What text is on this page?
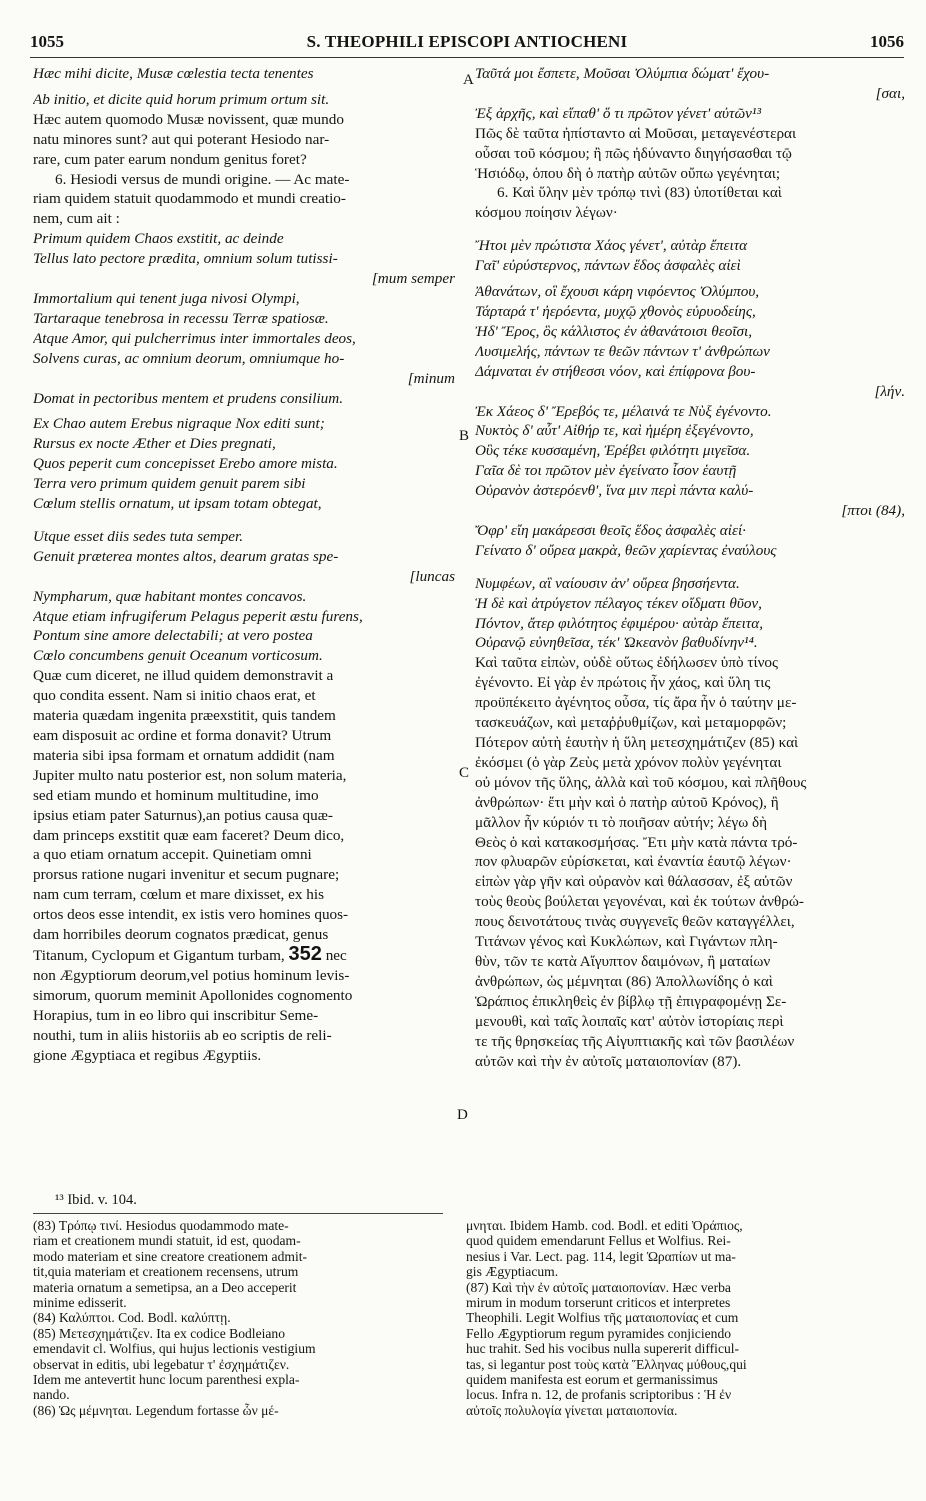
1055	S. THEOPHILI EPISCOPI ANTIOCHENI	1056
A
B
C
D
Hæc mihi dicite, Musæ cœlestia tecta tenentes
Ab initio, et dicite quid horum primum ortum sit.
Hæc autem quomodo Musæ novissent, quæ mundo
natu minores sunt? aut qui poterant Hesiodo nar-
rare, cum pater earum nondum genitus foret?
6. Hesiodi versus de mundi origine. — Ac mate-
riam quidem statuit quodammodo et mundi creatio-
nem, cum ait :
Primum quidem Chaos exstitit, ac deinde
Tellus lato pectore prædita, omnium solum tutissi-
[mum semper
Immortalium qui tenent juga nivosi Olympi,
Tartaraque tenebrosa in recessu Terræ spatiosæ.
Atque Amor, qui pulcherrimus inter immortales deos,
Solvens curas, ac omnium deorum, omniumque ho-
[minum
Domat in pectoribus mentem et prudens consilium.
Ex Chao autem Erebus nigraque Nox editi sunt;
Rursus ex nocte Æther et Dies pregnati,
Quos peperit cum concepisset Erebo amore mista.
Terra vero primum quidem genuit parem sibi
Cœlum stellis ornatum, ut ipsam totam obtegat,
Utque esset diis sedes tuta semper.
Genuit præterea montes altos, dearum gratas spe-
[luncas
Nympharum, quæ habitant montes concavos.
Atque etiam infrugiferum Pelagus peperit æstu furens,
Pontum sine amore delectabili; at vero postea
Cœlo concumbens genuit Oceanum vorticosum.
Quæ cum diceret, ne illud quidem demonstravit a
quo condita essent. Nam si initio chaos erat, et
materia quædam ingenita præexstitit, quis tandem
eam disposuit ac ordine et forma donavit? Utrum
materia sibi ipsa formam et ornatum addidit (nam
Jupiter multo natu posterior est, non solum materia,
sed etiam mundo et hominum multitudine, imo
ipsius etiam pater Saturnus),an potius causa quæ-
dam princeps exstitit quæ eam faceret? Deum dico,
a quo etiam ornatum accepit. Quinetiam omni
prorsus ratione nugari invenitur et secum pugnare;
nam cum terram, cœlum et mare dixisset, ex his
ortos deos esse intendit, ex istis vero homines quos-
dam horribiles deorum cognatos prædicat, genus
Titanum, Cyclopum et Gigantum turbam, 352 nec
non Ægyptiorum deorum,vel potius hominum levis-
simorum, quorum meminit Apollonides cognomento
Horapius, tum in eo libro qui inscribitur Seme-
nouthi, tum in aliis historiis ab eo scriptis de reli-
gione Ægyptiaca et regibus Ægyptiis.
Ταῦτά μοι ἔσπετε, Μοῦσαι Ὀλύμπια δώματ' ἔχου-
[σαι,
Ἐξ ἀρχῆς, καὶ εἴπαθ' ὅ τι πρῶτον γένετ' αὐτῶν¹³
Πῶς δὲ ταῦτα ἠπίσταντο αἱ Μοῦσαι, μεταγενέστεραι
οὖσαι τοῦ κόσμου; ἢ πῶς ἠδύναντο διηγήσασθαι τῷ
Ἡσιόδῳ, ὁπου δὴ ὁ πατὴρ αὐτῶν οὔπω γεγένηται;
6. Καὶ ὕλην μὲν τρόπῳ τινὶ (83) ὑποτίθεται καὶ
κόσμου ποίησιν λέγων·
Ἤτοι μὲν πρώτιστα Χάος γένετ', αὐτὰρ ἔπειτα
Γαῖ' εὐρύστερνος, πάντων ἕδος ἀσφαλὲς αἰεὶ
Ἀθανάτων, οἳ ἔχουσι κάρη νιφόεντος Ὀλύμπου,
Τάρταρά τ' ἠερόεντα, μυχῷ χθονὸς εὐρυοδείης,
Ἠδ' Ἔρος, ὃς κάλλιστος ἐν ἀθανάτοισι θεοῖσι,
Λυσιμελής, πάντων τε θεῶν πάντων τ' ἀνθρώπων
Δάμναται ἐν στήθεσσι νόον, καὶ ἐπίφρονα βου-
[λήν.
Ἐκ Χάεος δ' Ἔρεβός τε, μέλαινά τε Νὺξ ἐγένοντο.
Νυκτὸς δ' αὖτ' Αἰθήρ τε, καὶ ἡμέρη ἐξεγένοντο,
Οὓς τέκε κυσσαμένη, Ἐρέβει φιλότητι μιγεῖσα.
Γαῖα δὲ τοι πρῶτον μὲν ἐγείνατο ἶσον ἑαυτῇ
Οὐρανὸν ἀστερόενθ', ἵνα μιν περὶ πάντα καλύ-
[πτοι (84),
Ὄφρ' εἴη μακάρεσσι θεοῖς ἕδος ἀσφαλὲς αἰεί·
Γείνατο δ' οὔρεα μακρὰ, θεῶν χαρίεντας ἐναύλους
Νυμφέων, αἳ ναίουσιν ἀν' οὔρεα βησσήεντα.
Ἡ δὲ καὶ ἀτρύγετον πέλαγος τέκεν οἴδματι θῦον,
Πόντον, ἄτερ φιλότητος ἐφιμέρου· αὐτὰρ ἔπειτα,
Οὐρανῷ εὐνηθεῖσα, τέκ' Ὠκεανὸν βαθυδίνην¹⁴.
Καὶ ταῦτα εἰπὼν, οὐδὲ οὕτως ἐδήλωσεν ὑπὸ τίνος
ἐγένοντο. Εἰ γὰρ ἐν πρώτοις ἦν χάος, καὶ ὕλη τις
προϋπέκειτο ἀγένητος οὖσα, τίς ἄρα ἦν ὁ ταύτην με-
τασκευάζων, καὶ μεταῤῥυθμίζων, καὶ μεταμορφῶν;
Πότερον αὐτὴ ἑαυτὴν ἡ ὕλη μετεσχημάτιζεν (85) καὶ
ἐκόσμει (ὁ γὰρ Ζεὺς μετὰ χρόνον πολὺν γεγένηται
οὐ μόνον τῆς ὕλης, ἀλλὰ καὶ τοῦ κόσμου, καὶ πλῆθους
ἀνθρώπων· ἔτι μὴν καὶ ὁ πατὴρ αὐτοῦ Κρόνος), ἢ
μᾶλλον ἦν κύριόν τι τὸ ποιῆσαν αὐτήν; λέγω δὴ
Θεὸς ὁ καὶ κατακοσμήσας. Ἔτι μὴν κατὰ πάντα τρό-
πον φλυαρῶν εὑρίσκεται, καὶ ἐναντία ἑαυτῷ λέγων·
εἰπὼν γὰρ γῆν καὶ οὐρανὸν καὶ θάλασσαν, ἐξ αὐτῶν
τοὺς θεοὺς βούλεται γεγονέναι, καὶ ἐκ τούτων ἀνθρώ-
πους δεινοτάτους τινὰς συγγενεῖς θεῶν καταγγέλλει,
Τιτάνων γένος καὶ Κυκλώπων, καὶ Γιγάντων πλη-
θὺν, τῶν τε κατὰ Αἴγυπτον δαιμόνων, ἢ ματαίων
ἀνθρώπων, ὡς μέμνηται (86) Ἀπολλωνίδης ὁ καὶ
Ὡράπιος ἐπικληθεὶς ἐν βίβλῳ τῇ ἐπιγραφομένῃ Σε-
μενουθὶ, καὶ ταῖς λοιπαῖς κατ' αὐτὸν ἱστορίαις περὶ
τε τῆς θρησκείας τῆς Αἰγυπτιακῆς καὶ τῶν βασιλέων
αὐτῶν καὶ τὴν ἐν αὐτοῖς ματαιοπονίαν (87).
¹³ Ibid. v. 104.
(83) Τρόπῳ τινί. Hesiodus quodammodo mate-
riam et creationem mundi statuit, id est, quodam-
modo materiam et sine creatore creationem admit-
tit,quia materiam et creationem recensens, utrum
materia ornatum a semetipsa, an a Deo acceperit
minime edisserit.
(84) Καλύπτοι. Cod. Bodl. καλύπτῃ.
(85) Μετεσχημάτιζεν. Ita ex codice Bodleiano
emendavit cl. Wolfius, qui hujus lectionis vestigium
observat in editis, ubi legebatur τ' ἐσχημάτιζεν.
Idem me antevertit hunc locum parenthesi expla-
nando.
(86) Ὡς μέμνηται. Legendum fortasse ὧν μέ-
μνηται. Ibidem Hamb. cod. Bodl. et editi Ὀράπιος,
quod quidem emendarunt Fellus et Wolfius. Rei-
nesius i Var. Lect. pag. 114, legit Ὡραπίων ut ma-
gis Ægyptiacum.
(87) Καὶ τὴν ἐν αὐτοῖς ματαιοπονίαν. Hæc verba
mirum in modum torserunt criticos et interpretes
Theophili. Legit Wolfius τῆς ματαιοπονίας et cum
Fello Ægyptiorum regum pyramides conjiciendo
huc trahit. Sed his vocibus nulla supererit difficul-
tas, si legantur post τοὺς κατὰ Ἕλληνας μύθους,qui
quidem manifesta est eorum et germanissimus
locus. Infra n. 12, de profanis scriptoribus : Ἡ ἐν
αὐτοῖς πολυλογία γίνεται ματαιοπονία.
